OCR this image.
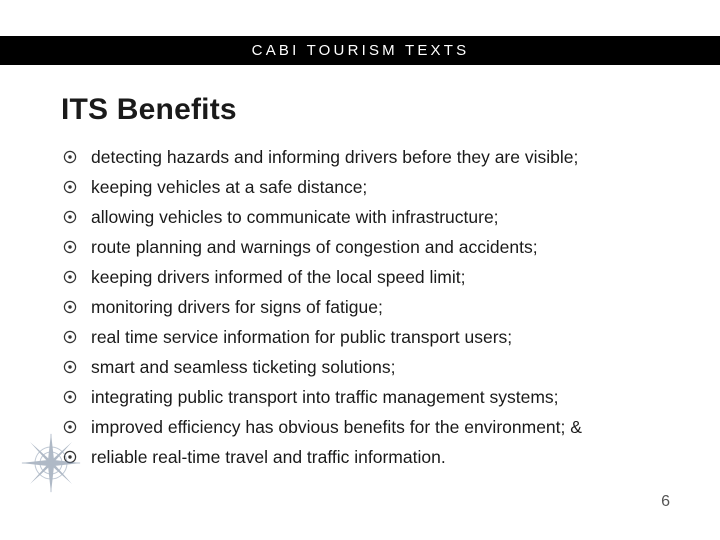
CABI TOURISM TEXTS
ITS Benefits
detecting hazards and informing drivers before they are visible;
keeping vehicles at a safe distance;
allowing vehicles to communicate with infrastructure;
route planning and warnings of congestion and accidents;
keeping drivers informed of the local speed limit;
monitoring drivers for signs of fatigue;
real time service information for public transport users;
smart and seamless ticketing solutions;
integrating public transport into traffic management systems;
improved efficiency has obvious benefits for the environment; &
reliable real-time travel and traffic information.
6
